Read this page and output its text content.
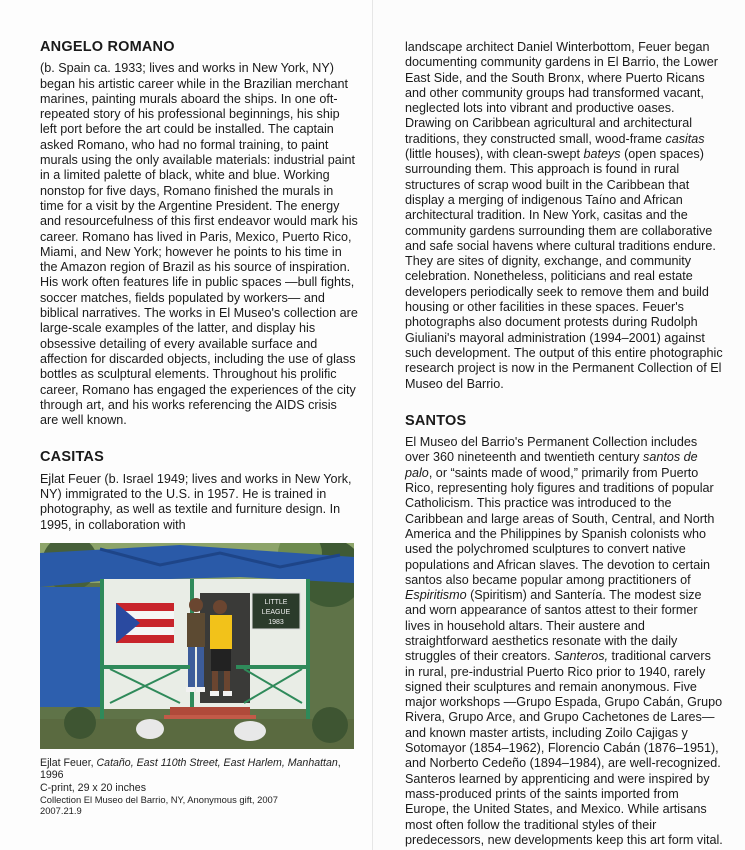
ANGELO ROMANO

(b. Spain ca. 1933; lives and works in New York, NY) began his artistic career while in the Brazilian merchant marines, painting murals aboard the ships. In one oft-repeated story of his professional beginnings, his ship left port before the art could be installed. The captain asked Romano, who had no formal training, to paint murals using the only available materials: industrial paint in a limited palette of black, white and blue. Working nonstop for five days, Romano finished the murals in time for a visit by the Argentine President. The energy and resourcefulness of this first endeavor would mark his career. Romano has lived in Paris, Mexico, Puerto Rico, Miami, and New York; however he points to his time in the Amazon region of Brazil as his source of inspiration. His work often features life in public spaces —bull fights, soccer matches, fields populated by workers— and biblical narratives. The works in El Museo's collection are large-scale examples of the latter, and display his obsessive detailing of every available surface and affection for discarded objects, including the use of glass bottles as sculptural elements. Throughout his prolific career, Romano has engaged the experiences of the city through art, and his works referencing the AIDS crisis are well known.

CASITAS

Ejlat Feuer (b. Israel 1949; lives and works in New York, NY) immigrated to the U.S. in 1957. He is trained in photography, as well as textile and furniture design. In 1995, in collaboration with

LITTLE
LEAGUE
1983
Ejlat Feuer, Cataño, East 110th Street, East Harlem, Manhattan, 1996
C-print, 29 x 20 inches
Collection El Museo del Barrio, NY, Anonymous gift, 2007
2007.21.9

landscape architect Daniel Winterbottom, Feuer began documenting community gardens in El Barrio, the Lower East Side, and the South Bronx, where Puerto Ricans and other community groups had transformed vacant, neglected lots into vibrant and productive oases. Drawing on Caribbean agricultural and architectural traditions, they constructed small, wood-frame casitas (little houses), with clean-swept bateys (open spaces) surrounding them. This approach is found in rural structures of scrap wood built in the Caribbean that display a merging of indigenous Taíno and African architectural tradition. In New York, casitas and the community gardens surrounding them are collaborative and safe social havens where cultural traditions endure. They are sites of dignity, exchange, and community celebration. Nonetheless, politicians and real estate developers periodically seek to remove them and build housing or other facilities in these spaces. Feuer's photographs also document protests during Rudolph Giuliani's mayoral administration (1994–2001) against such development. The output of this entire photographic research project is now in the Permanent Collection of El Museo del Barrio.

SANTOS

El Museo del Barrio's Permanent Collection includes over 360 nineteenth and twentieth century santos de palo, or “saints made of wood,” primarily from Puerto Rico, representing holy figures and traditions of popular Catholicism. This practice was introduced to the Caribbean and large areas of South, Central, and North America and the Philippines by Spanish colonists who used the polychromed sculptures to convert native populations and African slaves. The devotion to certain santos also became popular among practitioners of Espiritismo (Spiritism) and Santería. The modest size and worn appearance of santos attest to their former lives in household altars. Their austere and straightforward aesthetics resonate with the daily struggles of their creators. Santeros, traditional carvers in rural, pre-industrial Puerto Rico prior to 1940, rarely signed their sculptures and remain anonymous. Five major workshops —Grupo Espada, Grupo Cabán, Grupo Rivera, Grupo Arce, and Grupo Cachetones de Lares— and known master artists, including Zoilo Cajigas y Sotomayor (1854–1962), Florencio Cabán (1876–1951), and Norberto Cedeño (1894–1984), are well-recognized. Santeros learned by apprenticing and were inspired by mass-produced prints of the saints imported from Europe, the United States, and Mexico. While artisans most often follow the traditional styles of their predecessors, new developments keep this art form vital.
